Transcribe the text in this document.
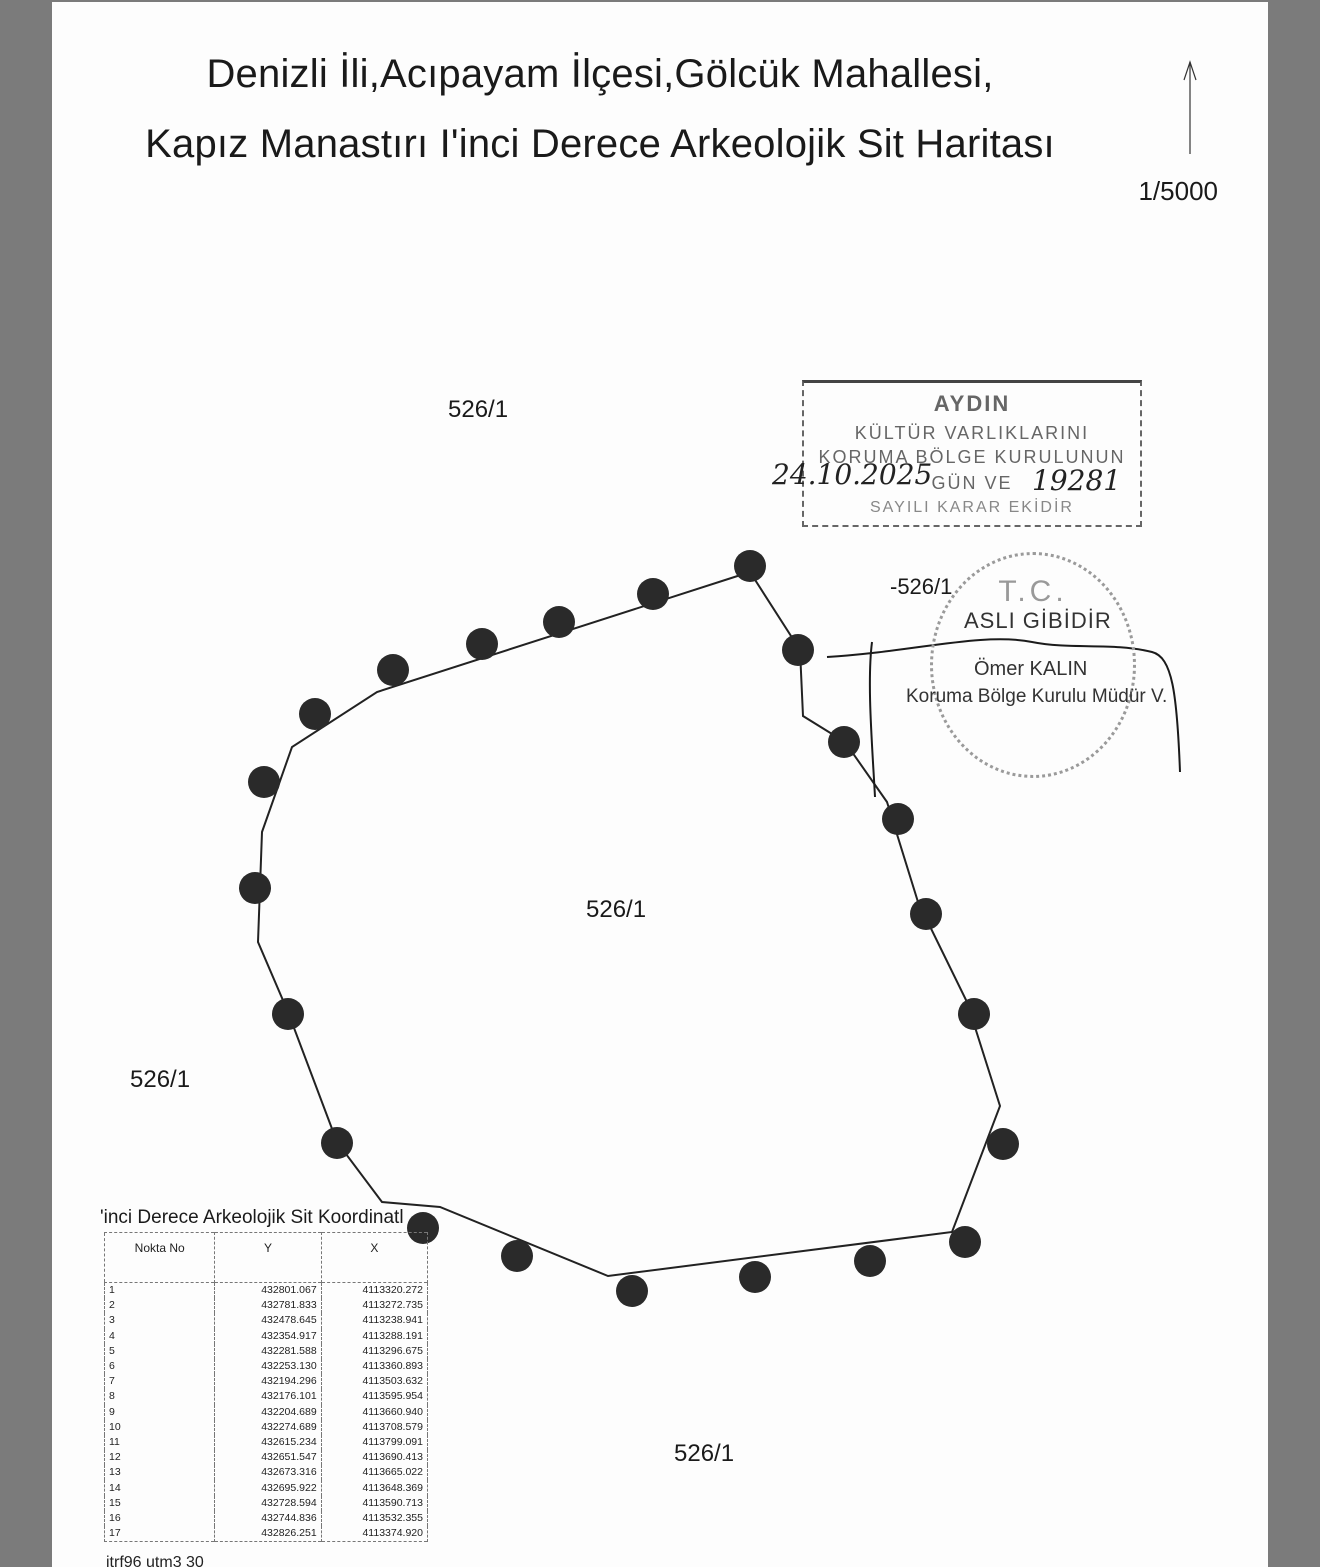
Denizli İli,Acıpayam İlçesi,Gölcük Mahallesi,
Kapız Manastırı I'inci Derece Arkeolojik Sit Haritası
1/5000
526/1
526/1
526/1
526/1
-526/1
AYDIN
KÜLTÜR VARLIKLARINI
KORUMA BÖLGE KURULUNUN
GÜN VE
SAYILI KARAR EKİDİR
24.10.2025	19281
T.C.
ASLI GİBİDİR
Ömer KALIN
Koruma Bölge Kurulu Müdür V.
'inci Derece Arkeolojik Sit Koordinatl
Nokta No	Y	X
1	432801.067	4113320.272
2	432781.833	4113272.735
3	432478.645	4113238.941
4	432354.917	4113288.191
5	432281.588	4113296.675
6	432253.130	4113360.893
7	432194.296	4113503.632
8	432176.101	4113595.954
9	432204.689	4113660.940
10	432274.689	4113708.579
11	432615.234	4113799.091
12	432651.547	4113690.413
13	432673.316	4113665.022
14	432695.922	4113648.369
15	432728.594	4113590.713
16	432744.836	4113532.355
17	432826.251	4113374.920
itrf96 utm3 30
